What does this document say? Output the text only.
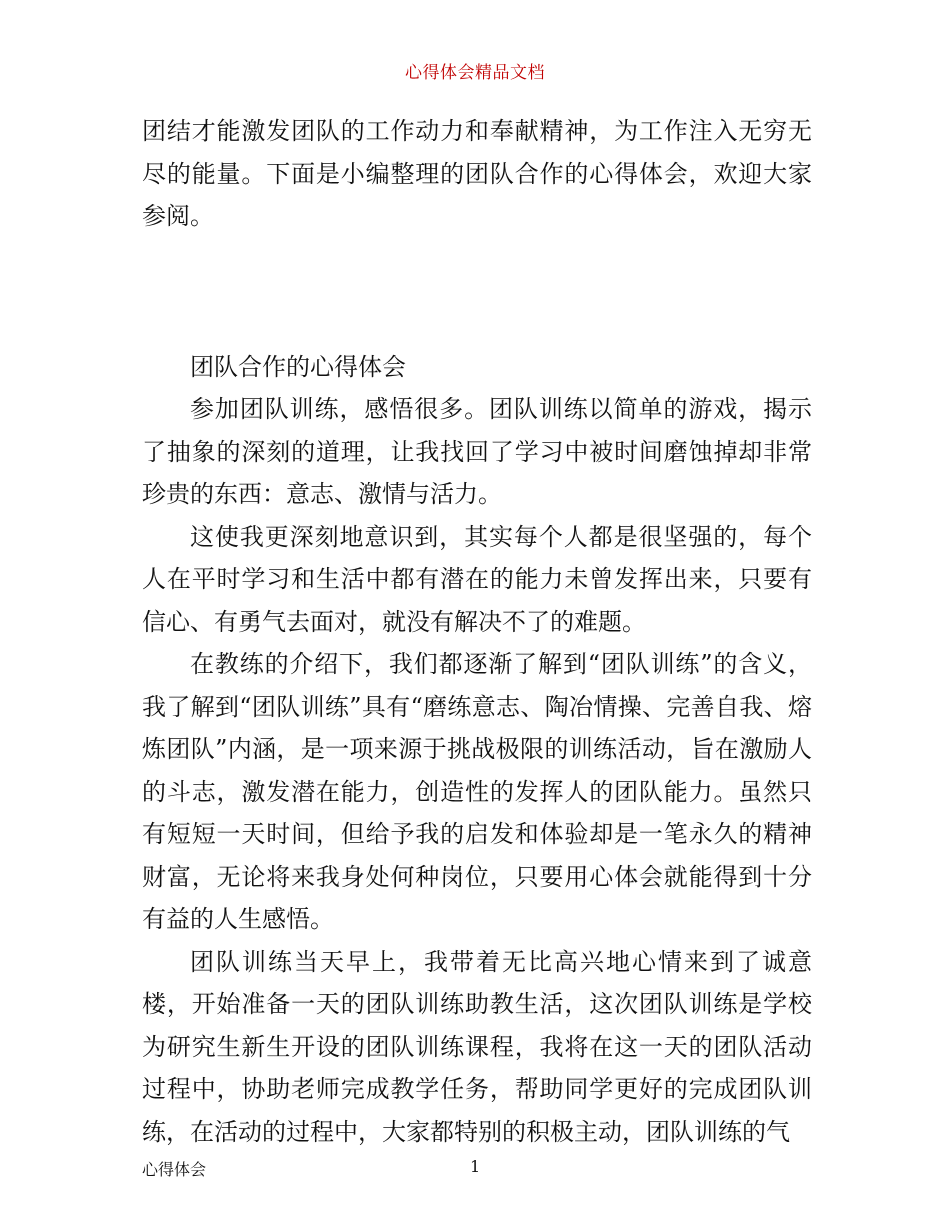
心得体会精品文档

团结才能激发团队的工作动力和奉献精神，为工作注入无穷无尽的能量。下面是小编整理的团队合作的心得体会，欢迎大家参阅。

团队合作的心得体会

参加团队训练，感悟很多。团队训练以简单的游戏，揭示了抽象的深刻的道理，让我找回了学习中被时间磨蚀掉却非常珍贵的东西：意志、激情与活力。

这使我更深刻地意识到，其实每个人都是很坚强的，每个人在平时学习和生活中都有潜在的能力未曾发挥出来，只要有信心、有勇气去面对，就没有解决不了的难题。

在教练的介绍下，我们都逐渐了解到“团队训练”的含义，我了解到“团队训练”具有“磨练意志、陶冶情操、完善自我、熔炼团队”内涵，是一项来源于挑战极限的训练活动，旨在激励人的斗志，激发潜在能力，创造性的发挥人的团队能力。虽然只有短短一天时间，但给予我的启发和体验却是一笔永久的精神财富，无论将来我身处何种岗位，只要用心体会就能得到十分有益的人生感悟。

团队训练当天早上，我带着无比高兴地心情来到了诚意楼，开始准备一天的团队训练助教生活，这次团队训练是学校为研究生新生开设的团队训练课程，我将在这一天的团队活动过程中，协助老师完成教学任务，帮助同学更好的完成团队训练，在活动的过程中，大家都特别的积极主动，团队训练的气

心得体会	1
